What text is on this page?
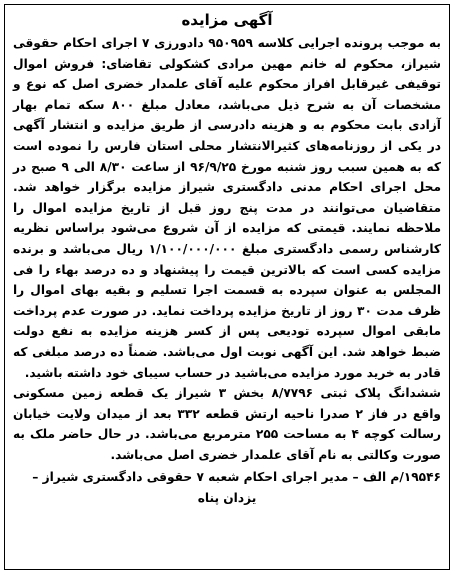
آگهی مزایده

به موجب پرونده اجرایی کلاسه ۹۵۰۹۵۹ دادورزی ۷ اجرای احکام حقوقی شیراز، محکوم له خانم مهین مرادی کشکولی تقاضای: فروش اموال توقیفی غیرقابل افراز محکوم علیه آقای علمدار خضری اصل که نوع و مشخصات آن به شرح ذیل می‌باشد، معادل مبلغ ۸۰۰ سکه تمام بهار آزادی بابت محکوم به و هزینه دادرسی از طریق مزایده و انتشار آگهی در یکی از روزنامه‌های کثیرالانتشار محلی استان فارس را نموده است که به همین سبب روز شنبه مورخ ۹۶/۹/۲۵ از ساعت ۸/۳۰ الی ۹ صبح در محل اجرای احکام مدنی دادگستری شیراز مزایده برگزار خواهد شد. متقاضیان می‌توانند در مدت پنج روز قبل از تاریخ مزایده اموال را ملاحظه نمایند. قیمتی که مزایده از آن شروع می‌شود براساس نظریه کارشناس رسمی دادگستری مبلغ ۱/۱۰۰/۰۰۰/۰۰۰ ریال می‌باشد و برنده مزایده کسی است که بالاترین قیمت را پیشنهاد و ده درصد بهاء را فی المجلس به عنوان سپرده به قسمت اجرا تسلیم و بقیه بهای اموال را ظرف مدت ۳۰ روز از تاریخ مزایده پرداخت نماید. در صورت عدم پرداخت مابقی اموال سپرده تودیعی پس از کسر هزینه مزایده به نفع دولت ضبط خواهد شد. این آگهی نوبت اول می‌باشد. ضمناً ده درصد مبلغی که قادر به خرید مورد مزایده می‌باشید در حساب سیبای خود داشته باشید.

ششدانگ پلاک ثبتی ۸/۷۷۹۶ بخش ۳ شیراز یک قطعه زمین مسکونی واقع در فاز ۲ صدرا ناحیه ارتش قطعه ۳۳۲ بعد از میدان ولایت خیابان رسالت کوچه ۴ به مساحت ۲۵۵ مترمربع می‌باشد. در حال حاضر ملک به صورت وکالتی به نام آقای علمدار خضری اصل می‌باشد.

۱۹۵۴۶/م الف – مدیر اجرای احکام شعبه ۷ حقوقی دادگستری شیراز –
یزدان پناه
